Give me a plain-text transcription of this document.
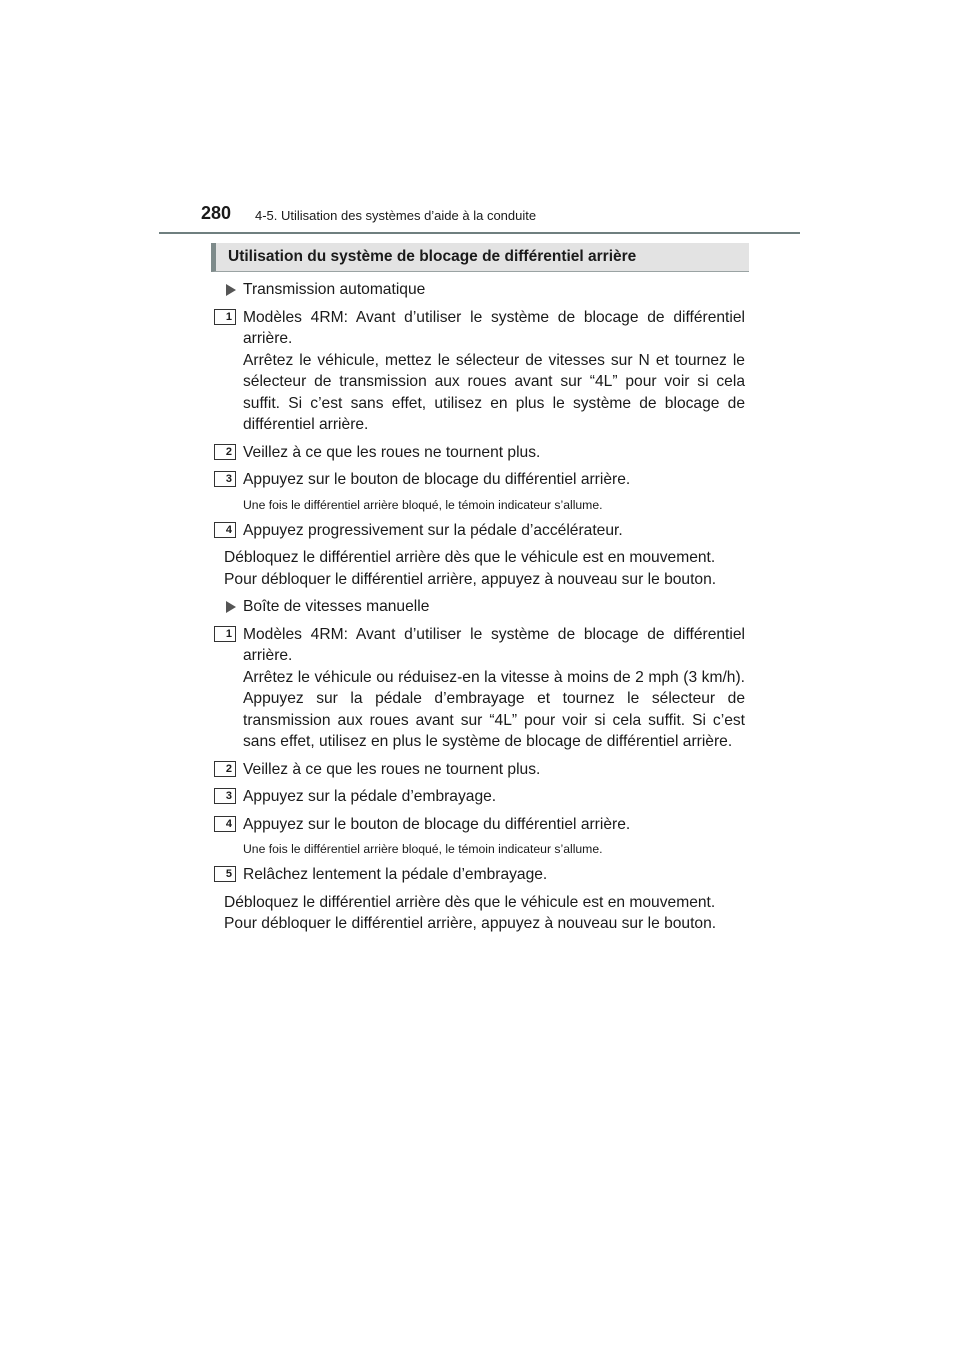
280 4-5. Utilisation des systèmes d’aide à la conduite
Utilisation du système de blocage de différentiel arrière
Transmission automatique
1 Modèles 4RM: Avant d’utiliser le système de blocage de différentiel arrière.

Arrêtez le véhicule, mettez le sélecteur de vitesses sur N et tournez le sélecteur de transmission aux roues avant sur “4L” pour voir si cela suffit. Si c’est sans effet, utilisez en plus le système de blocage de différentiel arrière.

2 Veillez à ce que les roues ne tournent plus.

3 Appuyez sur le bouton de blocage du différentiel arrière.

Une fois le différentiel arrière bloqué, le témoin indicateur s’allume.
4 Appuyez progressivement sur la pédale d’accélérateur.

Débloquez le différentiel arrière dès que le véhicule est en mouvement.

Pour débloquer le différentiel arrière, appuyez à nouveau sur le bouton.

Boîte de vitesses manuelle
1 Modèles 4RM: Avant d’utiliser le système de blocage de différentiel arrière.

Arrêtez le véhicule ou réduisez-en la vitesse à moins de 2 mph (3 km/h). Appuyez sur la pédale d’embrayage et tournez le sélecteur de transmission aux roues avant sur “4L” pour voir si cela suffit. Si c’est sans effet, utilisez en plus le système de blocage de différentiel arrière.

2 Veillez à ce que les roues ne tournent plus.

3 Appuyez sur la pédale d’embrayage.

4 Appuyez sur le bouton de blocage du différentiel arrière.

Une fois le différentiel arrière bloqué, le témoin indicateur s’allume.
5 Relâchez lentement la pédale d’embrayage.

Débloquez le différentiel arrière dès que le véhicule est en mouvement.

Pour débloquer le différentiel arrière, appuyez à nouveau sur le bouton.
